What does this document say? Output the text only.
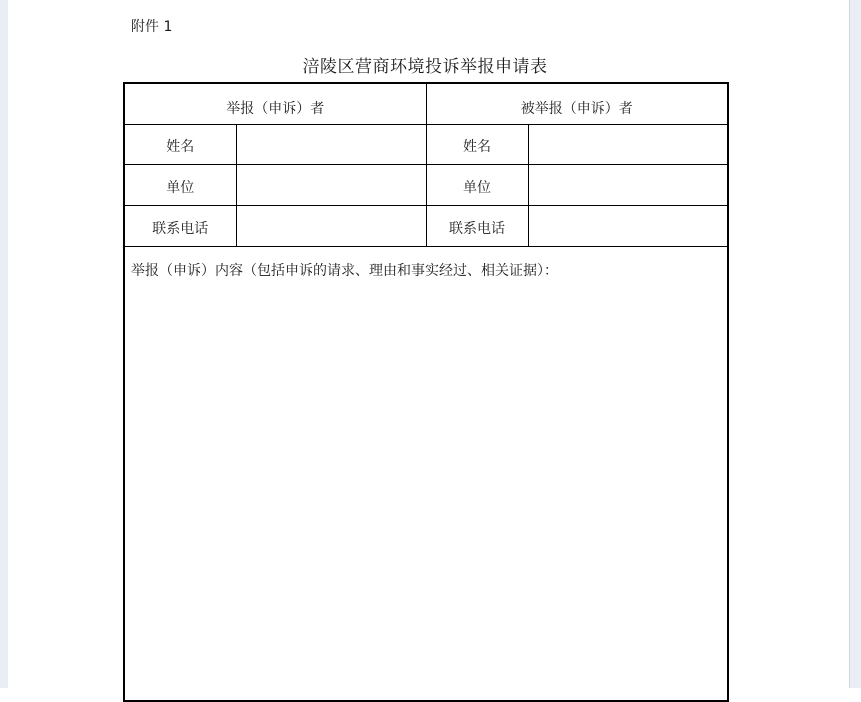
附件 1
涪陵区营商环境投诉举报申请表
举报（申诉）者		被举报（申诉）者	
姓名		姓名	

单位		单位	

联系电话		联系电话	

举报（申诉）内容（包括申诉的请求、理由和事实经过、相关证据）：			
